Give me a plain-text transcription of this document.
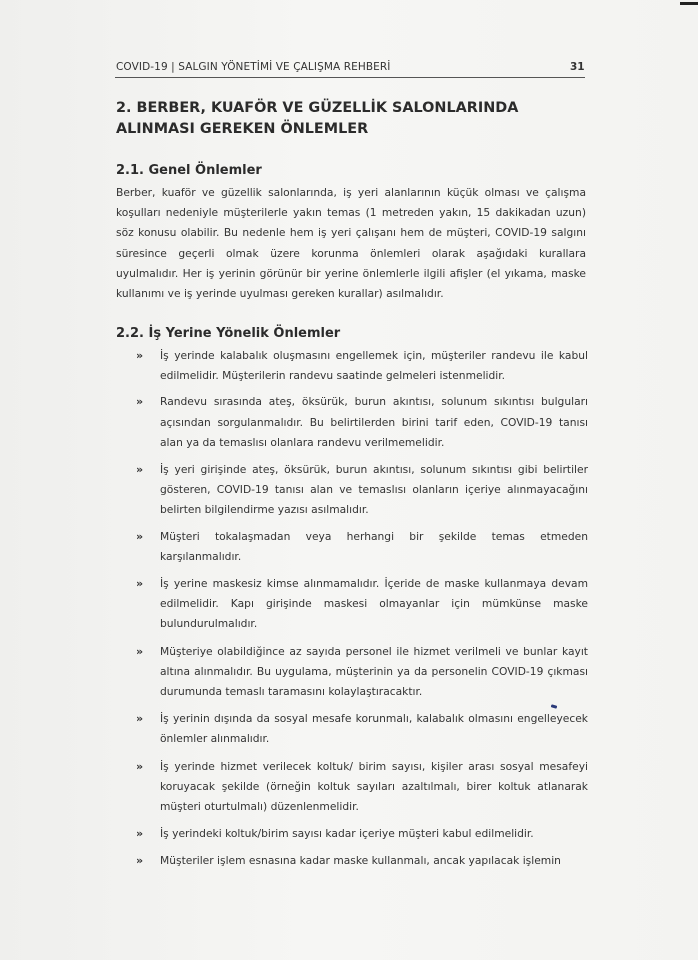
COVID-19 | SALGIN YÖNETİMİ VE ÇALIŞMA REHBERİ	31
2. BERBER, KUAFÖR VE GÜZELLİK SALONLARINDA ALINMASI GEREKEN ÖNLEMLER
2.1. Genel Önlemler
Berber, kuaför ve güzellik salonlarında, iş yeri alanlarının küçük olması ve çalışma koşulları nedeniyle müşterilerle yakın temas (1 metreden yakın, 15 dakikadan uzun) söz konusu olabilir. Bu nedenle hem iş yeri çalışanı hem de müşteri, COVID-19 salgını süresince geçerli olmak üzere korunma önlemleri olarak aşağıdaki kurallara uyulmalıdır. Her iş yerinin görünür bir yerine önlemlerle ilgili afişler (el yıkama, maske kullanımı ve iş yerinde uyulması gereken kurallar) asılmalıdır.
2.2. İş Yerine Yönelik Önlemler
» İş yerinde kalabalık oluşmasını engellemek için, müşteriler randevu ile kabul edilmelidir. Müşterilerin randevu saatinde gelmeleri istenmelidir.
» Randevu sırasında ateş, öksürük, burun akıntısı, solunum sıkıntısı bulguları açısından sorgulanmalıdır. Bu belirtilerden birini tarif eden, COVID-19 tanısı alan ya da temaslısı olanlara randevu verilmemelidir.
» İş yeri girişinde ateş, öksürük, burun akıntısı, solunum sıkıntısı gibi belirtiler gösteren, COVID-19 tanısı alan ve temaslısı olanların içeriye alınmayacağını belirten bilgilendirme yazısı asılmalıdır.
» Müşteri tokalaşmadan veya herhangi bir şekilde temas etmeden karşılanmalıdır.
» İş yerine maskesiz kimse alınmamalıdır. İçeride de maske kullanmaya devam edilmelidir. Kapı girişinde maskesi olmayanlar için mümkünse maske bulundurulmalıdır.
» Müşteriye olabildiğince az sayıda personel ile hizmet verilmeli ve bunlar kayıt altına alınmalıdır. Bu uygulama, müşterinin ya da personelin COVID-19 çıkması durumunda temaslı taramasını kolaylaştıracaktır.
» İş yerinin dışında da sosyal mesafe korunmalı, kalabalık olmasını engelleyecek önlemler alınmalıdır.
» İş yerinde hizmet verilecek koltuk/ birim sayısı, kişiler arası sosyal mesafeyi koruyacak şekilde (örneğin koltuk sayıları azaltılmalı, birer koltuk atlanarak müşteri oturtulmalı) düzenlenmelidir.
» İş yerindeki koltuk/birim sayısı kadar içeriye müşteri kabul edilmelidir.
» Müşteriler işlem esnasına kadar maske kullanmalı, ancak yapılacak işlemin
